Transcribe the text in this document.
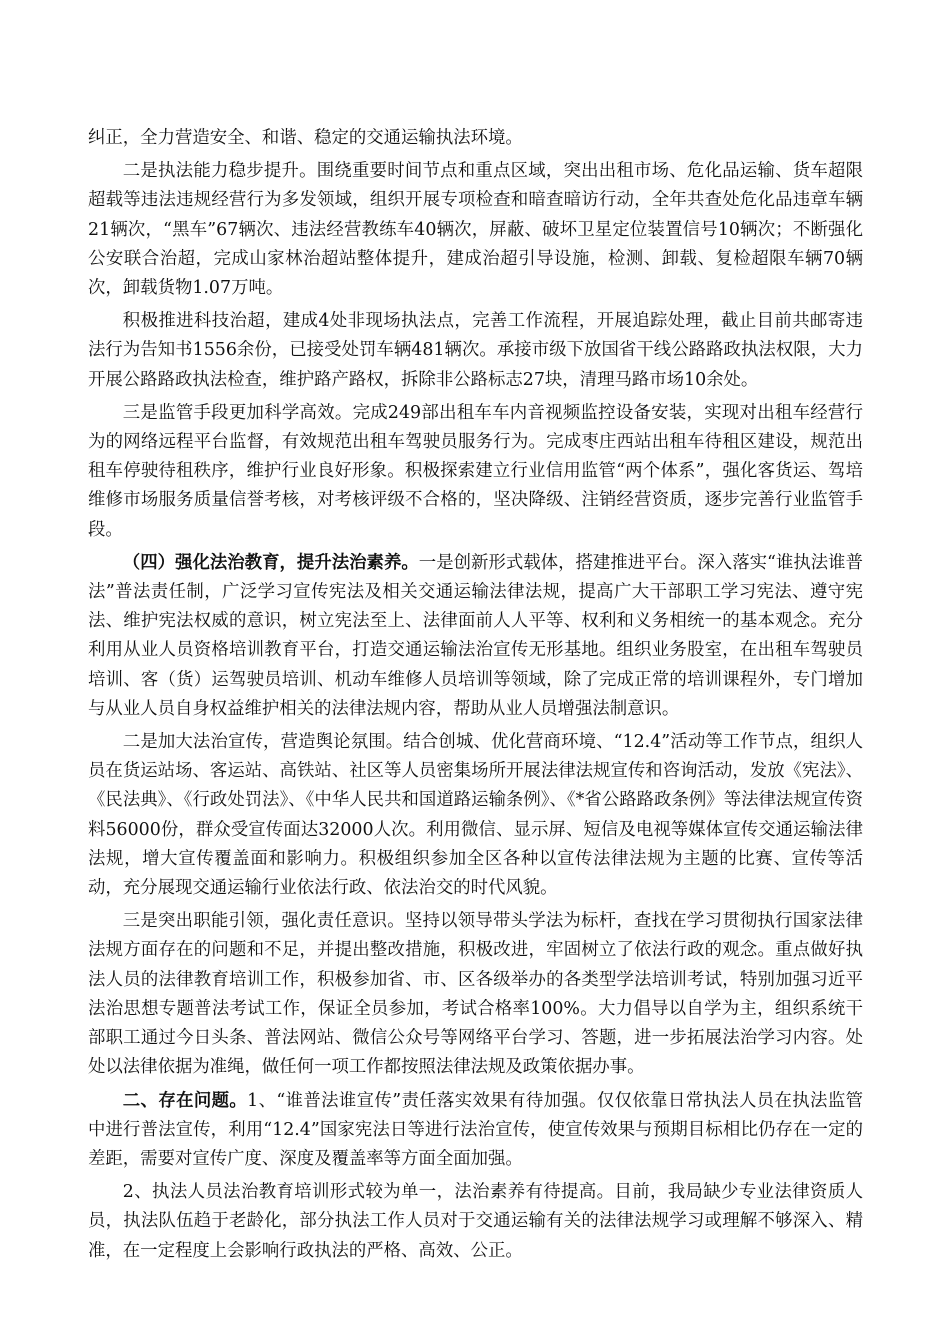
纠正，全力营造安全、和谐、稳定的交通运输执法环境。

二是执法能力稳步提升。围绕重要时间节点和重点区域，突出出租市场、危化品运输、货车超限超载等违法违规经营行为多发领域，组织开展专项检查和暗查暗访行动，全年共查处危化品违章车辆21辆次，“黑车”67辆次、违法经营教练车40辆次，屏蔽、破坏卫星定位装置信号10辆次；不断强化公安联合治超，完成山家林治超站整体提升，建成治超引导设施，检测、卸载、复检超限车辆70辆次，卸载货物1.07万吨。

积极推进科技治超，建成4处非现场执法点，完善工作流程，开展追踪处理，截止目前共邮寄违法行为告知书1556余份，已接受处罚车辆481辆次。承接市级下放国省干线公路路政执法权限，大力开展公路路政执法检查，维护路产路权，拆除非公路标志27块，清理马路市场10余处。

三是监管手段更加科学高效。完成249部出租车车内音视频监控设备安装，实现对出租车经营行为的网络远程平台监督，有效规范出租车驾驶员服务行为。完成枣庄西站出租车待租区建设，规范出租车停驶待租秩序，维护行业良好形象。积极探索建立行业信用监管“两个体系”，强化客货运、驾培维修市场服务质量信誉考核，对考核评级不合格的，坚决降级、注销经营资质，逐步完善行业监管手段。

（四）强化法治教育，提升法治素养。一是创新形式载体，搭建推进平台。深入落实“谁执法谁普法”普法责任制，广泛学习宣传宪法及相关交通运输法律法规，提高广大干部职工学习宪法、遵守宪法、维护宪法权威的意识，树立宪法至上、法律面前人人平等、权利和义务相统一的基本观念。充分利用从业人员资格培训教育平台，打造交通运输法治宣传无形基地。组织业务股室，在出租车驾驶员培训、客（货）运驾驶员培训、机动车维修人员培训等领域，除了完成正常的培训课程外，专门增加与从业人员自身权益维护相关的法律法规内容，帮助从业人员增强法制意识。

二是加大法治宣传，营造舆论氛围。结合创城、优化营商环境、“12.4”活动等工作节点，组织人员在货运站场、客运站、高铁站、社区等人员密集场所开展法律法规宣传和咨询活动，发放《宪法》、《民法典》、《行政处罚法》、《中华人民共和国道路运输条例》、《*省公路路政条例》等法律法规宣传资料56000份，群众受宣传面达32000人次。利用微信、显示屏、短信及电视等媒体宣传交通运输法律法规，增大宣传覆盖面和影响力。积极组织参加全区各种以宣传法律法规为主题的比赛、宣传等活动，充分展现交通运输行业依法行政、依法治交的时代风貌。

三是突出职能引领，强化责任意识。坚持以领导带头学法为标杆，查找在学习贯彻执行国家法律法规方面存在的问题和不足，并提出整改措施，积极改进，牢固树立了依法行政的观念。重点做好执法人员的法律教育培训工作，积极参加省、市、区各级举办的各类型学法培训考试，特别加强习近平法治思想专题普法考试工作，保证全员参加，考试合格率100%。大力倡导以自学为主，组织系统干部职工通过今日头条、普法网站、微信公众号等网络平台学习、答题，进一步拓展法治学习内容。处处以法律依据为准绳，做任何一项工作都按照法律法规及政策依据办事。

二、存在问题。1、“谁普法谁宣传”责任落实效果有待加强。仅仅依靠日常执法人员在执法监管中进行普法宣传，利用“12.4”国家宪法日等进行法治宣传，使宣传效果与预期目标相比仍存在一定的差距，需要对宣传广度、深度及覆盖率等方面全面加强。

2、执法人员法治教育培训形式较为单一，法治素养有待提高。目前，我局缺少专业法律资质人员，执法队伍趋于老龄化，部分执法工作人员对于交通运输有关的法律法规学习或理解不够深入、精准，在一定程度上会影响行政执法的严格、高效、公正。
